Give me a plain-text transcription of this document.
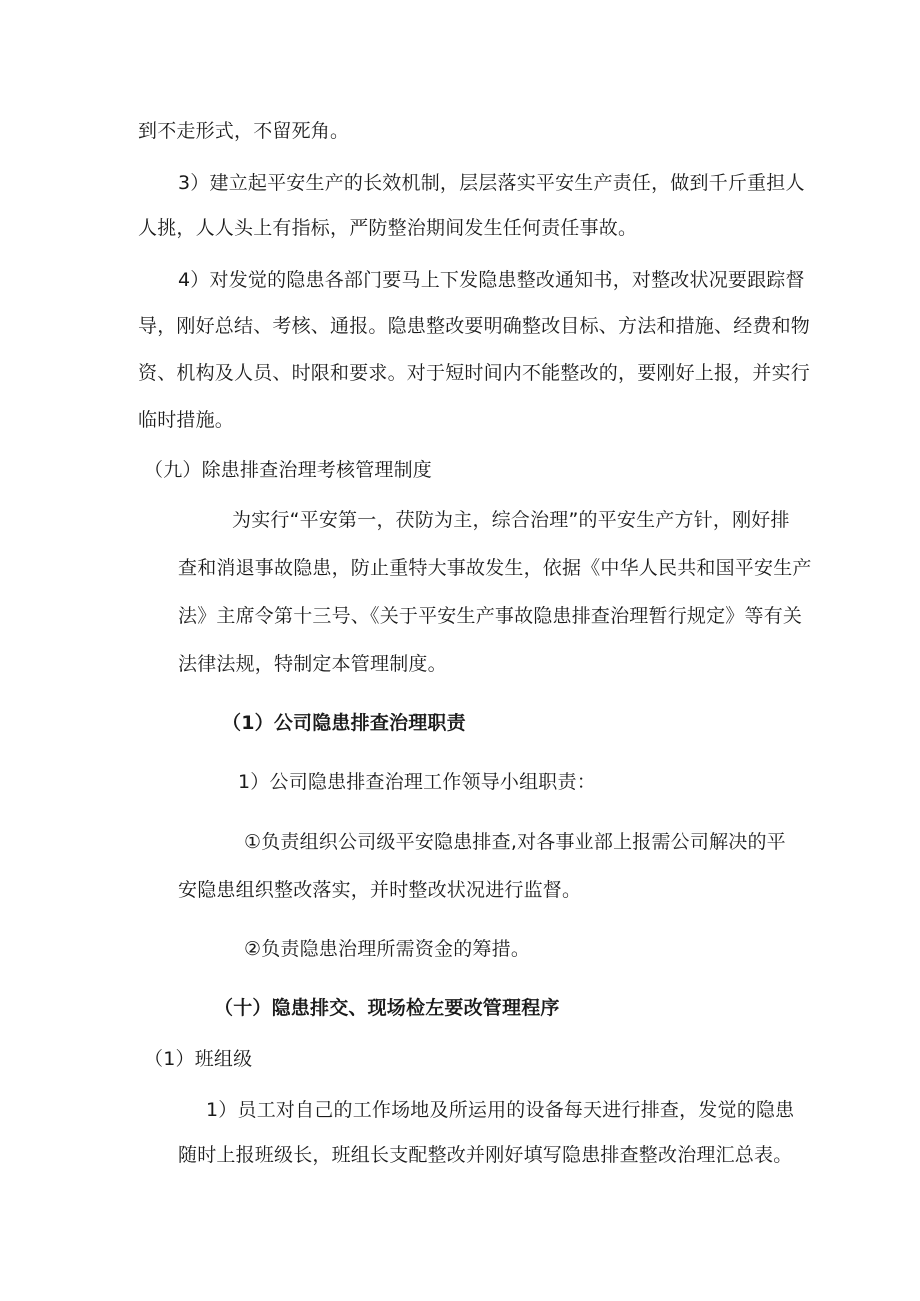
到不走形式，不留死角。

3）建立起平安生产的长效机制，层层落实平安生产责任，做到千斤重担人

人挑，人人头上有指标，严防整治期间发生任何责任事故。

4）对发觉的隐患各部门要马上下发隐患整改通知书，对整改状况要跟踪督

导，刚好总结、考核、通报。隐患整改要明确整改目标、方法和措施、经费和物

资、机构及人员、时限和要求。对于短时间内不能整改的，要刚好上报，并实行

临时措施。

（九）除患排查治理考核管理制度

为实行“平安第一，茯防为主，综合治理”的平安生产方针，刚好排

查和消退事故隐患，防止重特大事故发生，依据《中华人民共和国平安生产

法》主席令第十三号、《关于平安生产事故隐患排查治理暂行规定》等有关

法律法规，特制定本管理制度。

（1）公司隐患排查治理职责

1）公司隐患排查治理工作领导小组职责：

①负责组织公司级平安隐患排查,对各事业部上报需公司解决的平

安隐患组织整改落实，并时整改状况进行监督。

②负责隐患治理所需资金的筹措。

（十）隐患排交、现场检左要改管理程序

（1）班组级

1）员工对自己的工作场地及所运用的设备每天进行排查，发觉的隐患

随时上报班级长，班组长支配整改并刚好填写隐患排查整改治理汇总表。
